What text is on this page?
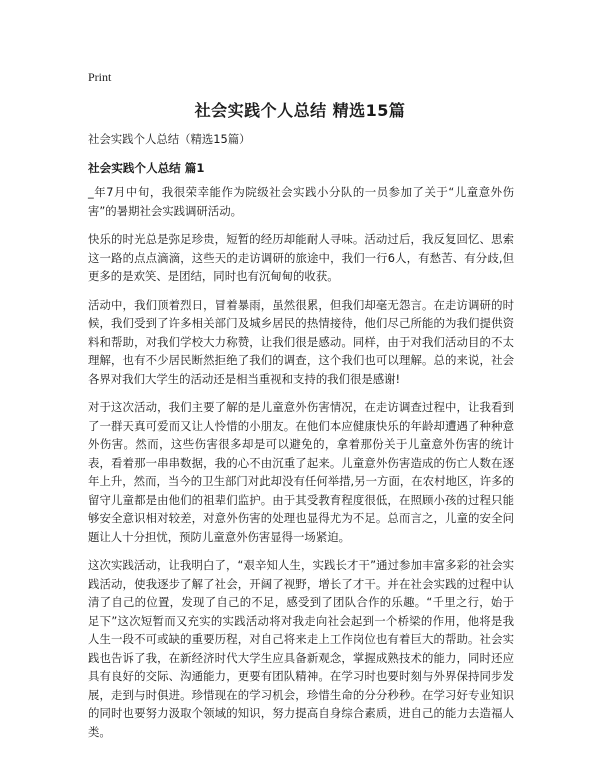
Print
社会实践个人总结 精选15篇

社会实践个人总结（精选15篇）

社会实践个人总结 篇1

_年7月中旬，我很荣幸能作为院级社会实践小分队的一员参加了关于“儿童意外伤害”的暑期社会实践调研活动。

快乐的时光总是弥足珍贵，短暂的经历却能耐人寻味。活动过后，我反复回忆、思索这一路的点点滴滴，这些天的走访调研的旅途中，我们一行6人，有愁苦、有分歧,但更多的是欢笑、是团结，同时也有沉甸甸的收获。

活动中，我们顶着烈日，冒着暴雨，虽然很累，但我们却毫无怨言。在走访调研的时候，我们受到了许多相关部门及城乡居民的热情接待，他们尽己所能的为我们提供资料和帮助，对我们学校大力称赞，让我们很是感动。同样，由于对我们活动目的不太理解，也有不少居民断然拒绝了我们的调查，这个我们也可以理解。总的来说，社会各界对我们大学生的活动还是相当重视和支持的我们很是感谢!

对于这次活动，我们主要了解的是儿童意外伤害情况，在走访调查过程中，让我看到了一群天真可爱而又让人怜惜的小朋友。在他们本应健康快乐的年龄却遭遇了种种意外伤害。然而，这些伤害很多却是可以避免的，拿着那份关于儿童意外伤害的统计表，看着那一串串数据，我的心不由沉重了起来。儿童意外伤害造成的伤亡人数在逐年上升，然而，当今的卫生部门对此却没有任何举措,另一方面，在农村地区，许多的留守儿童都是由他们的祖辈们监护。由于其受教育程度很低，在照顾小孩的过程只能够安全意识相对较差，对意外伤害的处理也显得尤为不足。总而言之，儿童的安全问题让人十分担忧，预防儿童意外伤害显得一场紧迫。

这次实践活动，让我明白了，“艰辛知人生，实践长才干”通过参加丰富多彩的社会实践活动，使我逐步了解了社会，开阔了视野，增长了才干。并在社会实践的过程中认清了自己的位置，发现了自己的不足，感受到了团队合作的乐趣。“千里之行，始于足下”这次短暂而又充实的实践活动将对我走向社会起到一个桥梁的作用，他将是我人生一段不可或缺的重要历程，对自己将来走上工作岗位也有着巨大的帮助。社会实践也告诉了我，在新经济时代大学生应具备新观念，掌握成熟技术的能力，同时还应具有良好的交际、沟通能力，更要有团队精神。在学习时也要时刻与外界保持同步发展，走到与时俱进。珍惜现在的学习机会，珍惜生命的分分秒秒。在学习好专业知识的同时也要努力汲取个领域的知识，努力提高自身综合素质，进自己的能力去造福人类。
